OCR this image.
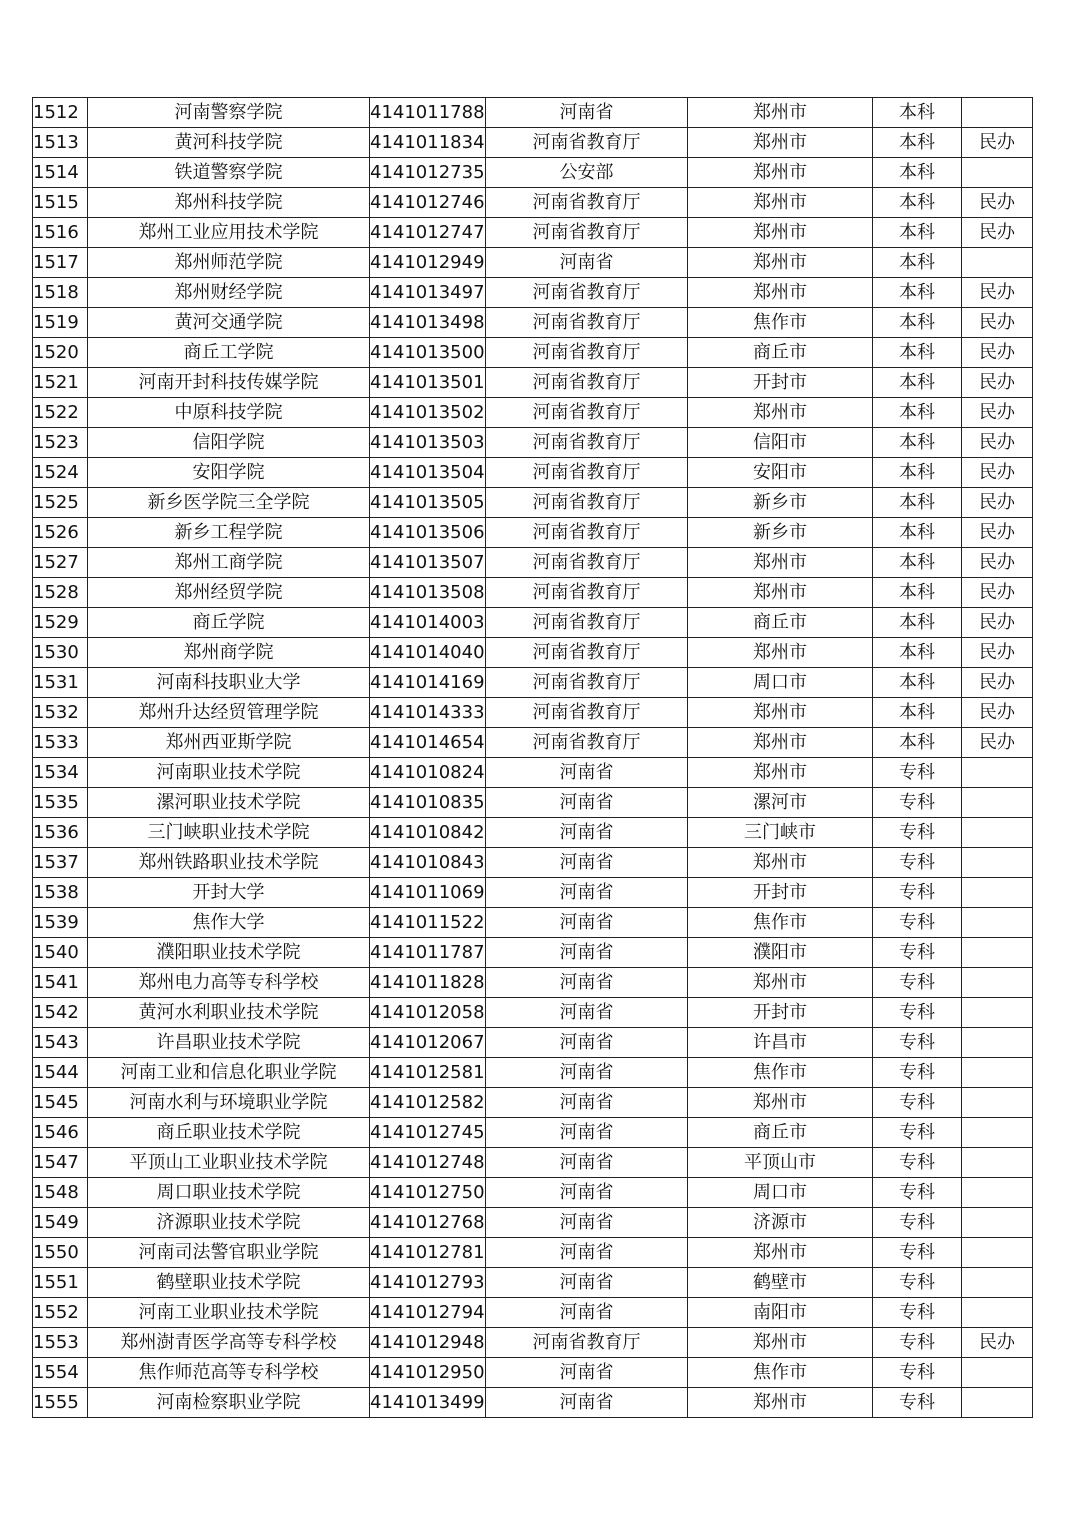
1512	河南警察学院	4141011788	河南省	郑州市	本科	
1513	黄河科技学院	4141011834	河南省教育厅	郑州市	本科	民办
1514	铁道警察学院	4141012735	公安部	郑州市	本科	
1515	郑州科技学院	4141012746	河南省教育厅	郑州市	本科	民办
1516	郑州工业应用技术学院	4141012747	河南省教育厅	郑州市	本科	民办
1517	郑州师范学院	4141012949	河南省	郑州市	本科	
1518	郑州财经学院	4141013497	河南省教育厅	郑州市	本科	民办
1519	黄河交通学院	4141013498	河南省教育厅	焦作市	本科	民办
1520	商丘工学院	4141013500	河南省教育厅	商丘市	本科	民办
1521	河南开封科技传媒学院	4141013501	河南省教育厅	开封市	本科	民办
1522	中原科技学院	4141013502	河南省教育厅	郑州市	本科	民办
1523	信阳学院	4141013503	河南省教育厅	信阳市	本科	民办
1524	安阳学院	4141013504	河南省教育厅	安阳市	本科	民办
1525	新乡医学院三全学院	4141013505	河南省教育厅	新乡市	本科	民办
1526	新乡工程学院	4141013506	河南省教育厅	新乡市	本科	民办
1527	郑州工商学院	4141013507	河南省教育厅	郑州市	本科	民办
1528	郑州经贸学院	4141013508	河南省教育厅	郑州市	本科	民办
1529	商丘学院	4141014003	河南省教育厅	商丘市	本科	民办
1530	郑州商学院	4141014040	河南省教育厅	郑州市	本科	民办
1531	河南科技职业大学	4141014169	河南省教育厅	周口市	本科	民办
1532	郑州升达经贸管理学院	4141014333	河南省教育厅	郑州市	本科	民办
1533	郑州西亚斯学院	4141014654	河南省教育厅	郑州市	本科	民办
1534	河南职业技术学院	4141010824	河南省	郑州市	专科	
1535	漯河职业技术学院	4141010835	河南省	漯河市	专科	
1536	三门峡职业技术学院	4141010842	河南省	三门峡市	专科	
1537	郑州铁路职业技术学院	4141010843	河南省	郑州市	专科	
1538	开封大学	4141011069	河南省	开封市	专科	
1539	焦作大学	4141011522	河南省	焦作市	专科	
1540	濮阳职业技术学院	4141011787	河南省	濮阳市	专科	
1541	郑州电力高等专科学校	4141011828	河南省	郑州市	专科	
1542	黄河水利职业技术学院	4141012058	河南省	开封市	专科	
1543	许昌职业技术学院	4141012067	河南省	许昌市	专科	
1544	河南工业和信息化职业学院	4141012581	河南省	焦作市	专科	
1545	河南水利与环境职业学院	4141012582	河南省	郑州市	专科	
1546	商丘职业技术学院	4141012745	河南省	商丘市	专科	
1547	平顶山工业职业技术学院	4141012748	河南省	平顶山市	专科	
1548	周口职业技术学院	4141012750	河南省	周口市	专科	
1549	济源职业技术学院	4141012768	河南省	济源市	专科	
1550	河南司法警官职业学院	4141012781	河南省	郑州市	专科	
1551	鹤壁职业技术学院	4141012793	河南省	鹤壁市	专科	
1552	河南工业职业技术学院	4141012794	河南省	南阳市	专科	
1553	郑州澍青医学高等专科学校	4141012948	河南省教育厅	郑州市	专科	民办
1554	焦作师范高等专科学校	4141012950	河南省	焦作市	专科	
1555	河南检察职业学院	4141013499	河南省	郑州市	专科	
